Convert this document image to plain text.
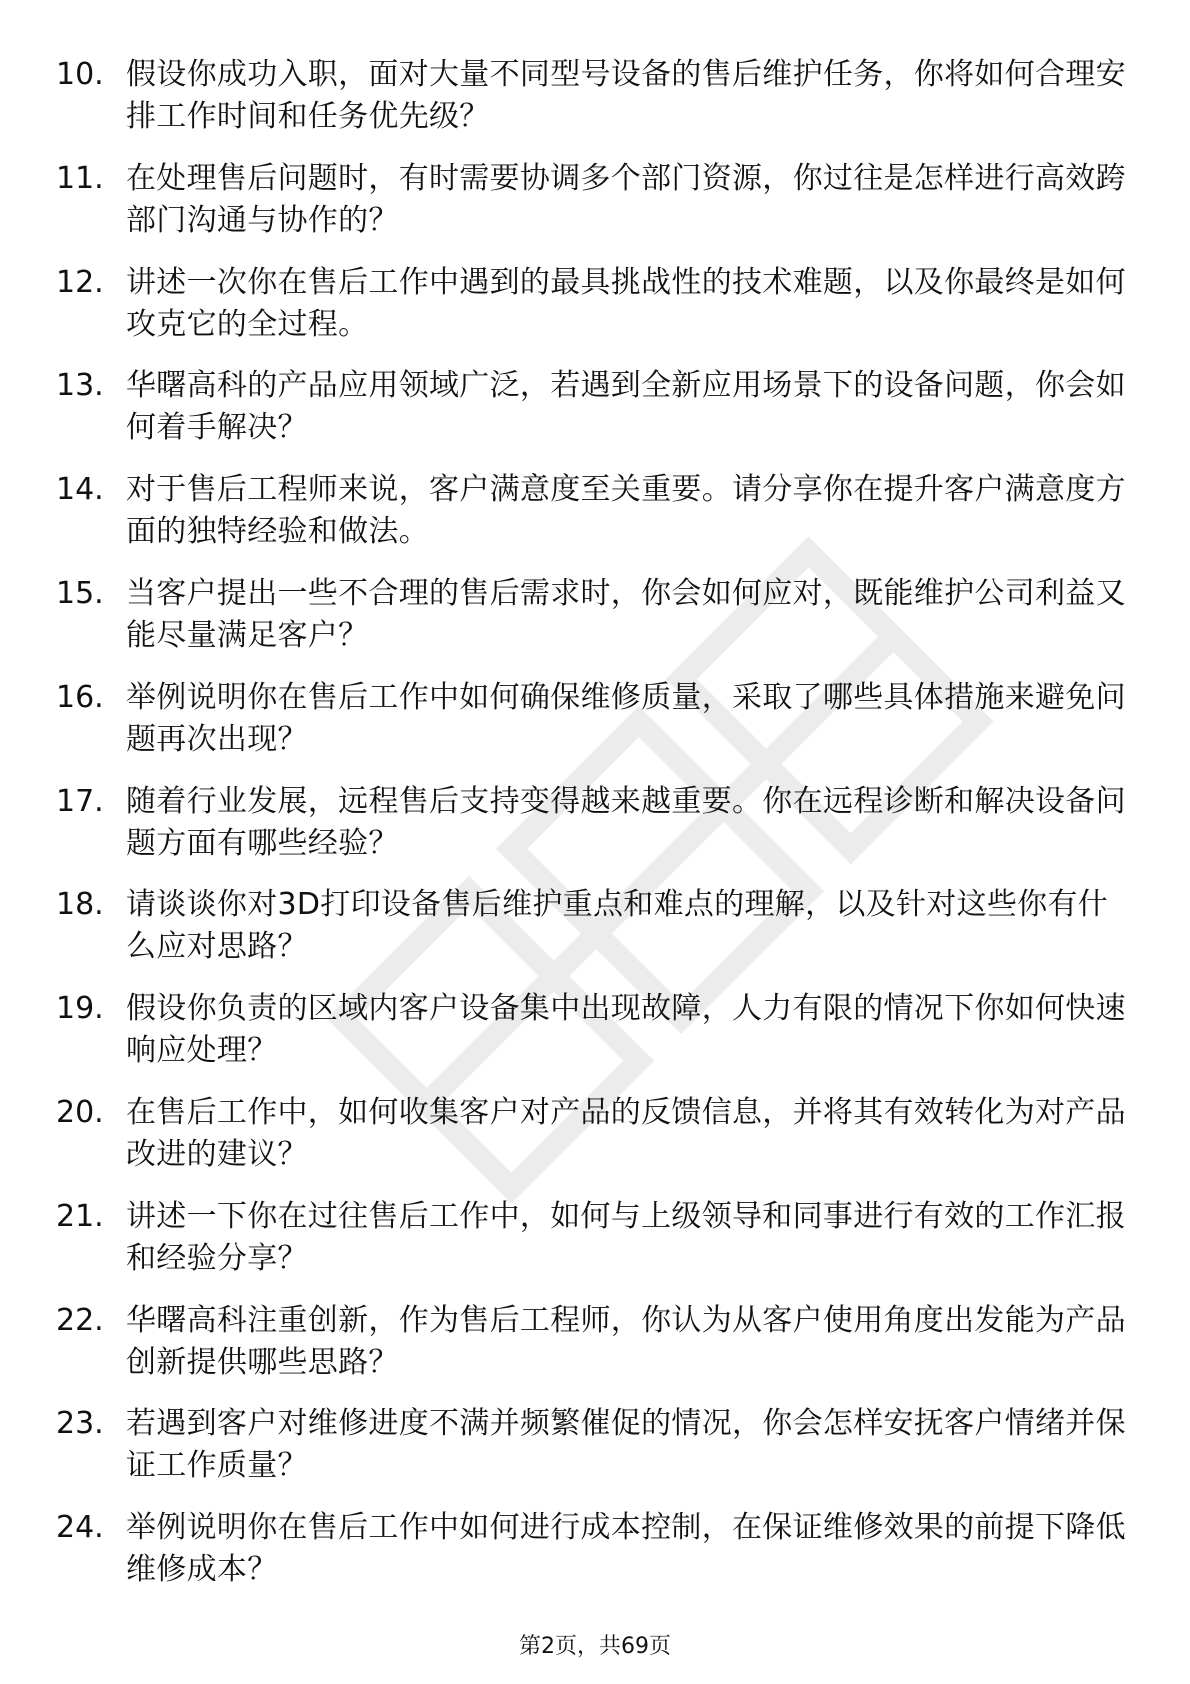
10. 假设你成功入职，面对大量不同型号设备的售后维护任务，你将如何合理安排工作时间和任务优先级？
11. 在处理售后问题时，有时需要协调多个部门资源，你过往是怎样进行高效跨部门沟通与协作的？
12. 讲述一次你在售后工作中遇到的最具挑战性的技术难题，以及你最终是如何攻克它的全过程。
13. 华曙高科的产品应用领域广泛，若遇到全新应用场景下的设备问题，你会如何着手解决？
14. 对于售后工程师来说，客户满意度至关重要。请分享你在提升客户满意度方面的独特经验和做法。
15. 当客户提出一些不合理的售后需求时，你会如何应对，既能维护公司利益又能尽量满足客户？
16. 举例说明你在售后工作中如何确保维修质量，采取了哪些具体措施来避免问题再次出现？
17. 随着行业发展，远程售后支持变得越来越重要。你在远程诊断和解决设备问题方面有哪些经验？
18. 请谈谈你对3D打印设备售后维护重点和难点的理解，以及针对这些你有什么应对思路？
19. 假设你负责的区域内客户设备集中出现故障，人力有限的情况下你如何快速响应处理？
20. 在售后工作中，如何收集客户对产品的反馈信息，并将其有效转化为对产品改进的建议？
21. 讲述一下你在过往售后工作中，如何与上级领导和同事进行有效的工作汇报和经验分享？
22. 华曙高科注重创新，作为售后工程师，你认为从客户使用角度出发能为产品创新提供哪些思路？
23. 若遇到客户对维修进度不满并频繁催促的情况，你会怎样安抚客户情绪并保证工作质量？
24. 举例说明你在售后工作中如何进行成本控制，在保证维修效果的前提下降低维修成本？
第2页，共69页
